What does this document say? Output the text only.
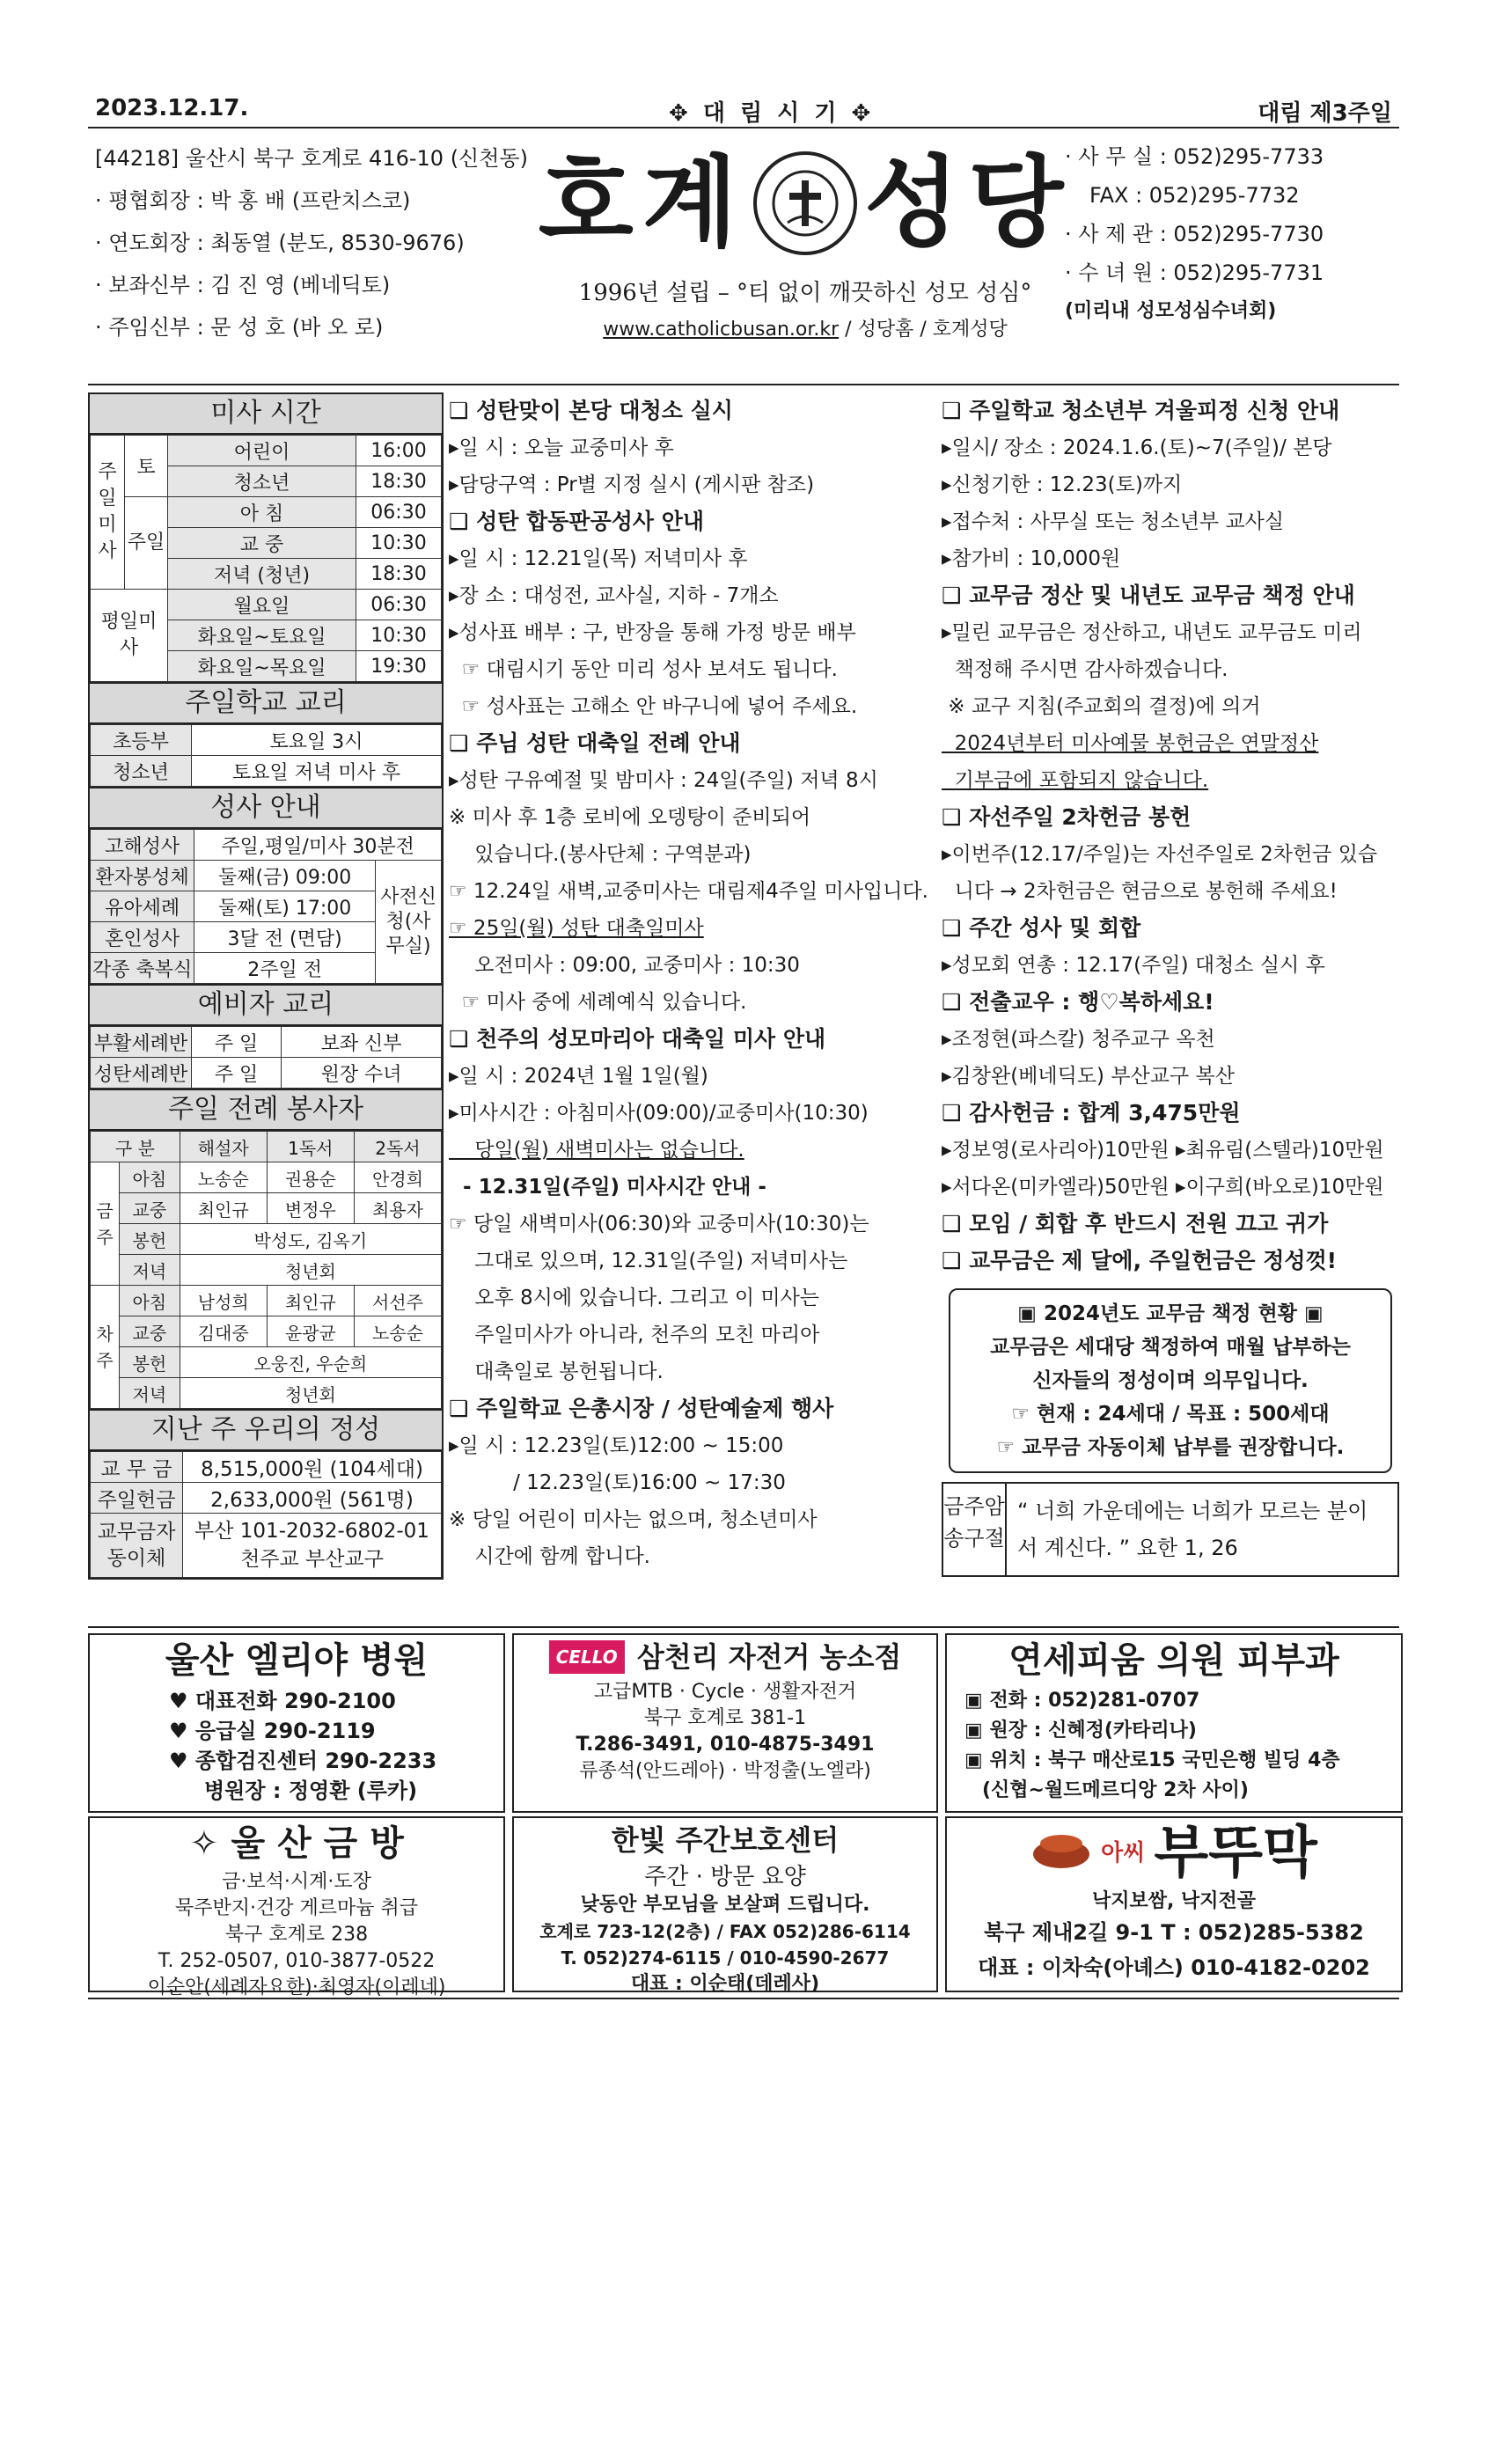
2023.12.17.	✥ 대 림 시 기 ✥	대림 제3주일
[44218] 울산시 북구 호계로 416-10 (신천동)
· 평협회장 : 박 홍 배 (프란치스코)
· 연도회장 : 최동열 (분도, 8530-9676)
· 보좌신부 : 김 진 영 (베네딕토)
· 주임신부 : 문 성 호 (바 오 로)
호계 성당
1996년 설립 – °티 없이 깨끗하신 성모 성심°
www.catholicbusan.or.kr / 성당홈 / 호계성당
· 사 무 실 : 052)295-7733
FAX : 052)295-7732
· 사 제 관 : 052)295-7730
· 수 녀 원 : 052)295-7731
(미리내 성모성심수녀회)
미사 시간
주일미사	토	어린이	16:00
		청소년	18:30
	주일	아 침	06:30
		교 중	10:30
		저녁 (청년)	18:30
평일미사		월요일	06:30
		화요일~토요일	10:30
		화요일~목요일	19:30
주일학교 교리
초등부	토요일 3시
청소년	토요일 저녁 미사 후
성사 안내
고해성사	주일,평일/미사 30분전	
환자봉성체	둘째(금) 09:00	사전신청(사무실)
유아세례	둘째(토) 17:00	
혼인성사	3달 전 (면담)	
각종 축복식	2주일 전	
예비자 교리
부활세례반	주 일	보좌 신부
성탄세례반	주 일	원장 수녀
주일 전례 봉사자
구 분		해설자	1독서	2독서
금주	아침	노송순	권용순	안경희
	교중	최인규	변정우	최용자
	봉헌	박성도, 김옥기		
	저녁	청년회		
차주	아침	남성희	최인규	서선주
	교중	김대중	윤광균	노송순
	봉헌	오웅진, 우순희		
	저녁	청년회		
지난 주 우리의 정성
교 무 금	8,515,000원 (104세대)
주일헌금	2,633,000원 (561명)
교무금자동이체	부산 101-2032-6802-01
천주교 부산교구
❑ 성탄맞이 본당 대청소 실시
▸일 시 : 오늘 교중미사 후
▸담당구역 : Pr별 지정 실시 (게시판 참조)
❑ 성탄 합동판공성사 안내
▸일 시 : 12.21일(목) 저녁미사 후
▸장 소 : 대성전, 교사실, 지하 - 7개소
▸성사표 배부 : 구, 반장을 통해 가정 방문 배부
☞ 대림시기 동안 미리 성사 보셔도 됩니다.
☞ 성사표는 고해소 안 바구니에 넣어 주세요.
❑ 주님 성탄 대축일 전례 안내
▸성탄 구유예절 및 밤미사 : 24일(주일) 저녁 8시
※ 미사 후 1층 로비에 오뎅탕이 준비되어
있습니다.(봉사단체 : 구역분과)
☞ 12.24일 새벽,교중미사는 대림제4주일 미사입니다.
☞ 25일(월) 성탄 대축일미사
오전미사 : 09:00, 교중미사 : 10:30
☞ 미사 중에 세례예식 있습니다.
❑ 천주의 성모마리아 대축일 미사 안내
▸일 시 : 2024년 1월 1일(월)
▸미사시간 : 아침미사(09:00)/교중미사(10:30)
당일(월) 새벽미사는 없습니다.
- 12.31일(주일) 미사시간 안내 -
☞ 당일 새벽미사(06:30)와 교중미사(10:30)는
그대로 있으며, 12.31일(주일) 저녁미사는
오후 8시에 있습니다. 그리고 이 미사는
주일미사가 아니라, 천주의 모친 마리아
대축일로 봉헌됩니다.
❑ 주일학교 은총시장 / 성탄예술제 행사
▸일 시 : 12.23일(토)12:00 ~ 15:00
/ 12.23일(토)16:00 ~ 17:30
※ 당일 어린이 미사는 없으며, 청소년미사
시간에 함께 합니다.
❑ 주일학교 청소년부 겨울피정 신청 안내
▸일시/ 장소 : 2024.1.6.(토)~7(주일)/ 본당
▸신청기한 : 12.23(토)까지
▸접수처 : 사무실 또는 청소년부 교사실
▸참가비 : 10,000원
❑ 교무금 정산 및 내년도 교무금 책정 안내
▸밀린 교무금은 정산하고, 내년도 교무금도 미리
책정해 주시면 감사하겠습니다.
※ 교구 지침(주교회의 결정)에 의거
2024년부터 미사예물 봉헌금은 연말정산
기부금에 포함되지 않습니다.
❑ 자선주일 2차헌금 봉헌
▸이번주(12.17/주일)는 자선주일로 2차헌금 있습
니다 → 2차헌금은 현금으로 봉헌해 주세요!
❑ 주간 성사 및 회합
▸성모회 연총 : 12.17(주일) 대청소 실시 후
❑ 전출교우 : 행♡복하세요!
▸조정현(파스칼) 청주교구 옥천
▸김창완(베네딕도) 부산교구 복산
❑ 감사헌금 : 합계 3,475만원
▸정보영(로사리아)10만원 ▸최유림(스텔라)10만원
▸서다온(미카엘라)50만원 ▸이구희(바오로)10만원
❑ 모임 / 회합 후 반드시 전원 끄고 귀가
❑ 교무금은 제 달에, 주일헌금은 정성껏!
▣ 2024년도 교무금 책정 현황 ▣
교무금은 세대당 책정하여 매월 납부하는
신자들의 정성이며 의무입니다.
☞ 현재 : 24세대 / 목표 : 500세대
☞ 교무금 자동이체 납부를 권장합니다.
금주암송구절
“ 너희 가운데에는 너희가 모르는 분이 서 계신다. ” 요한 1, 26
울산 엘리야 병원
♥ 대표전화 290-2100
♥ 응급실 290-2119
♥ 종합검진센터 290-2233
병원장 : 정영환 (루카)
CELLO 삼천리 자전거 농소점
고급MTB · Cycle · 생활자전거
북구 호계로 381-1
T.286-3491, 010-4875-3491
류종석(안드레아) · 박정출(노엘라)
연세피움 의원 피부과
▣ 전화 : 052)281-0707
▣ 원장 : 신혜정(카타리나)
▣ 위치 : 북구 매산로15 국민은행 빌딩 4층
(신협~월드메르디앙 2차 사이)
✧ 울 산 금 방
금·보석·시계·도장
묵주반지·건강 게르마늄 취급
북구 호계로 238
T. 252-0507, 010-3877-0522
이순안(세례자요한)·최영자(이레네)
한빛 주간보호센터
주간 · 방문 요양
낮동안 부모님을 보살펴 드립니다.
호계로 723-12(2층) / FAX 052)286-6114
T. 052)274-6115 / 010-4590-2677
대표 : 이순태(데레사)
아씨 부뚜막
낙지보쌈, 낙지전골
북구 제내2길 9-1 T : 052)285-5382
대표 : 이차숙(아녜스) 010-4182-0202
